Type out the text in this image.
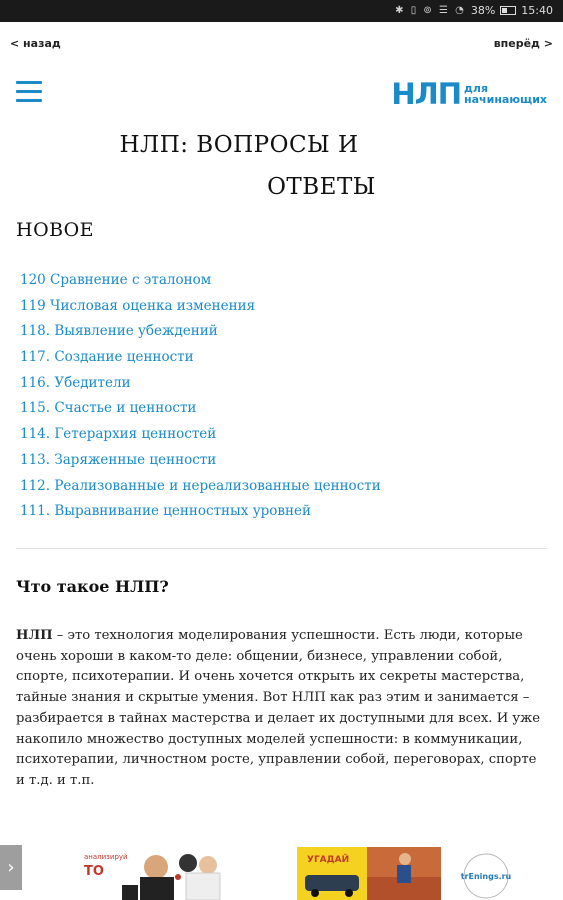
✱ ▯ ⊚ ☰ ◔ 38% 15:40
< назад	вперёд >
НЛП для
начинающих
НЛП: ВОПРОСЫ И
ОТВЕТЫ
НОВОЕ
120 Сравнение с эталоном
119 Числовая оценка изменения
118. Выявление убеждений
117. Создание ценности
116. Убедители
115. Счастье и ценности
114. Гетерархия ценностей
113. Заряженные ценности
112. Реализованные и нереализованные ценности
111. Выравнивание ценностных уровней
Что такое НЛП?
НЛП – это технология моделирования успешности. Есть люди, которые очень хороши в каком-то деле: общении, бизнесе, управлении собой, спорте, психотерапии. И очень хочется открыть их секреты мастерства, тайные знания и скрытые умения. Вот НЛП как раз этим и занимается – разбирается в тайнах мастерства и делает их доступными для всех. И уже накопило множество доступных моделей успешности: в коммуникации, психотерапии, личностном росте, управлении собой, переговорах, спорте и т.д. и т.п.
›	анализируй
ТО
УГАДАЙ
trEnings.ru
